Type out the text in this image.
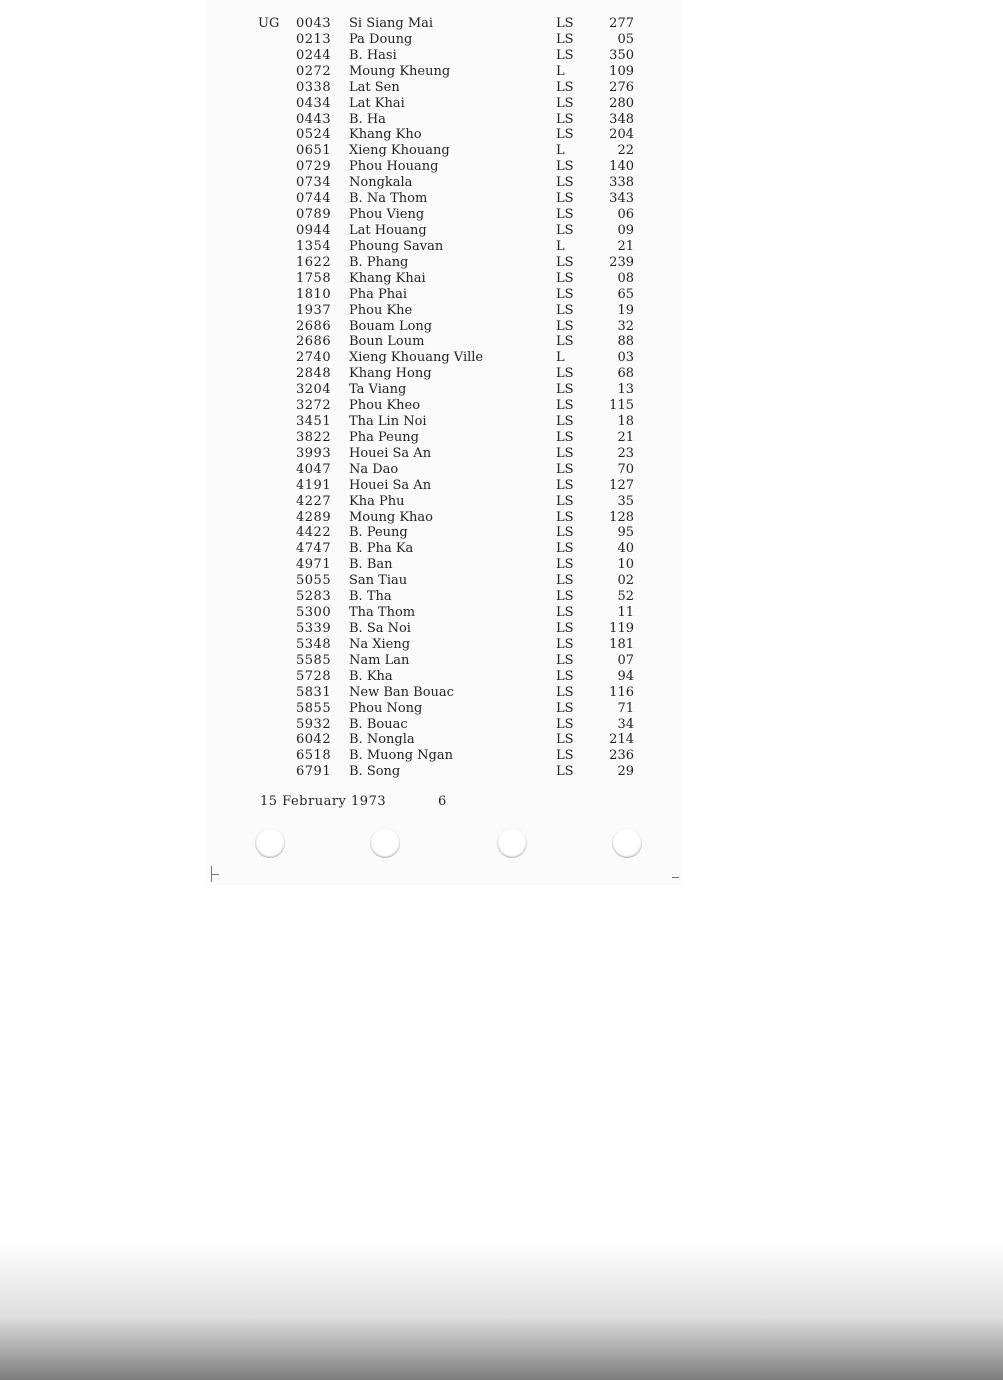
UG 0043 Si Siang Mai	LS	277
0213 Pa Doung	LS	05
0244 B. Hasi	LS	350
0272 Moung Kheung	L	109
0338 Lat Sen	LS	276
0434 Lat Khai	LS	280
0443 B. Ha	LS	348
0524 Khang Kho	LS	204
0651 Xieng Khouang	L	22
0729 Phou Houang	LS	140
0734 Nongkala	LS	338
0744 B. Na Thom	LS	343
0789 Phou Vieng	LS	06
0944 Lat Houang	LS	09
1354 Phoung Savan	L	21
1622 B. Phang	LS	239
1758 Khang Khai	LS	08
1810 Pha Phai	LS	65
1937 Phou Khe	LS	19
2686 Bouam Long	LS	32
2686 Boun Loum	LS	88
2740 Xieng Khouang Ville	L	03
2848 Khang Hong	LS	68
3204 Ta Viang	LS	13
3272 Phou Kheo	LS	115
3451 Tha Lin Noi	LS	18
3822 Pha Peung	LS	21
3993 Houei Sa An	LS	23
4047 Na Dao	LS	70
4191 Houei Sa An	LS	127
4227 Kha Phu	LS	35
4289 Moung Khao	LS	128
4422 B. Peung	LS	95
4747 B. Pha Ka	LS	40
4971 B. Ban	LS	10
5055 San Tiau	LS	02
5283 B. Tha	LS	52
5300 Tha Thom	LS	11
5339 B. Sa Noi	LS	119
5348 Na Xieng	LS	181
5585 Nam Lan	LS	07
5728 B. Kha	LS	94
5831 New Ban Bouac	LS	116
5855 Phou Nong	LS	71
5932 B. Bouac	LS	34
6042 B. Nongla	LS	214
6518 B. Muong Ngan	LS	236
6791 B. Song	LS	29
15 February 1973	6
